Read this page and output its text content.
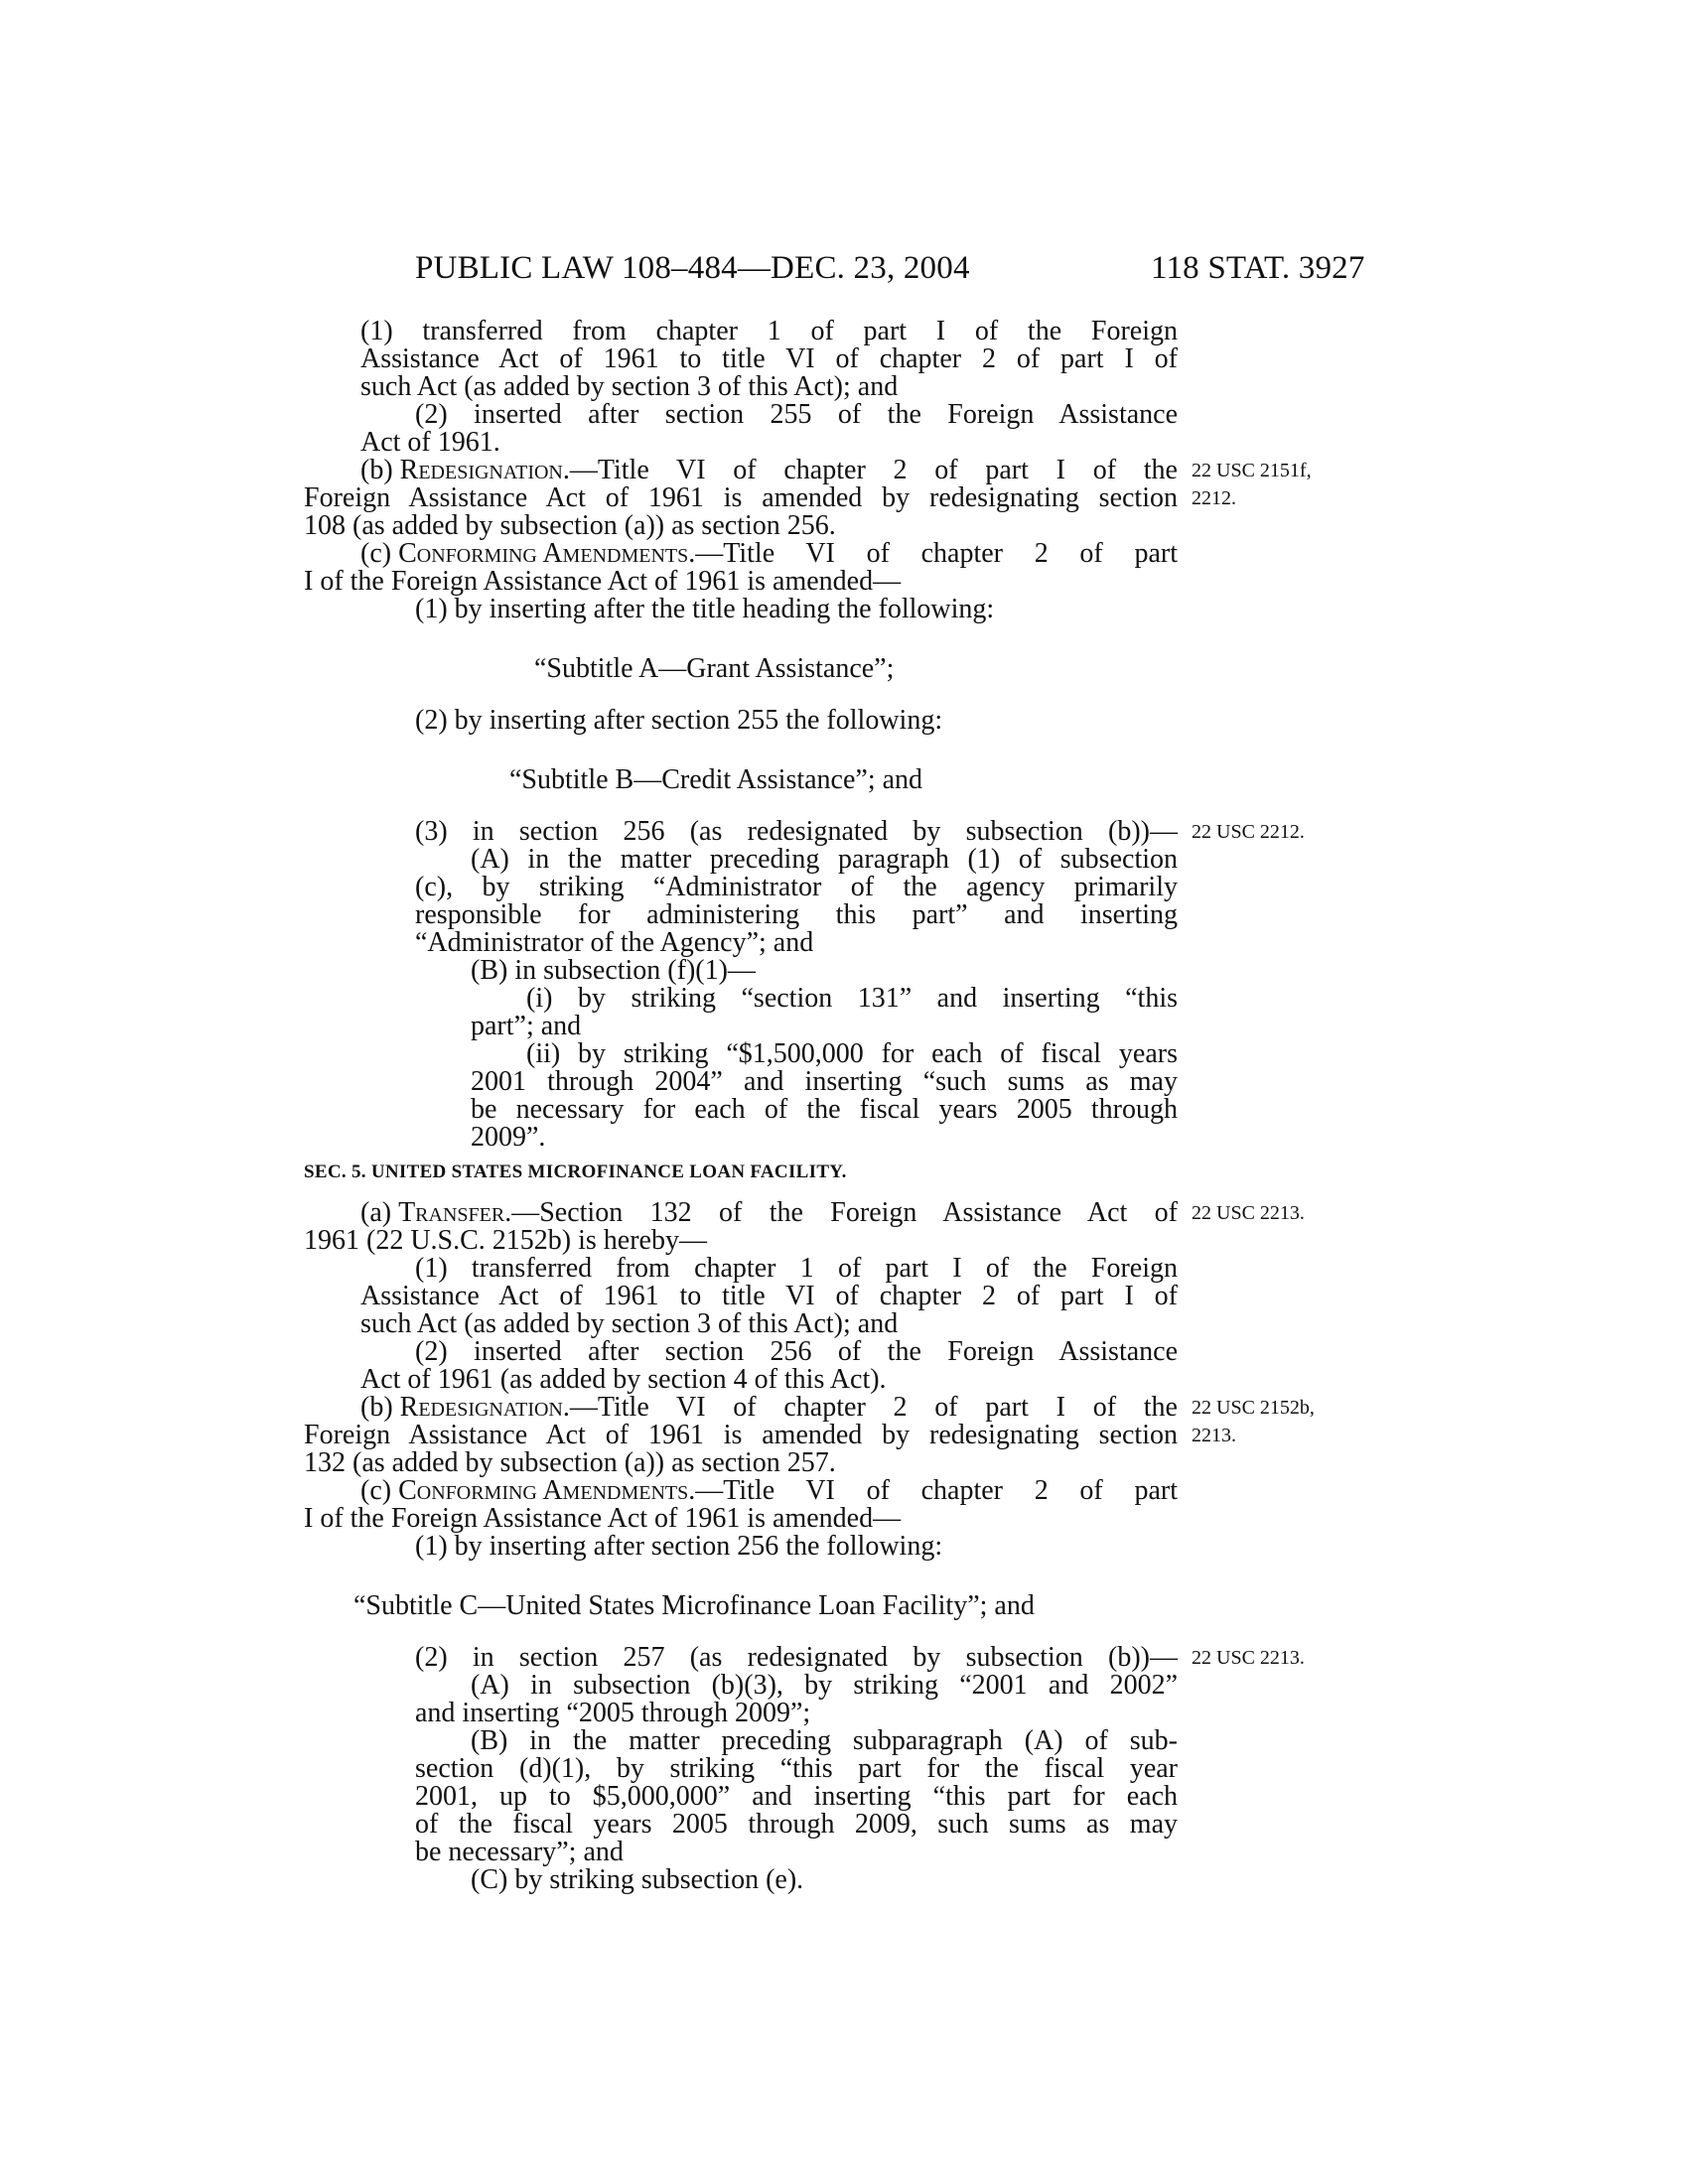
PUBLIC LAW 108–484—DEC. 23, 2004	118 STAT. 3927
(1) transferred from chapter 1 of part I of the Foreign
Assistance Act of 1961 to title VI of chapter 2 of part I of
such Act (as added by section 3 of this Act); and
(2) inserted after section 255 of the Foreign Assistance
Act of 1961.
(b) Redesignation .—Title VI of chapter 2 of part I of the
Foreign Assistance Act of 1961 is amended by redesignating section
108 (as added by subsection (a)) as section 256.
(c) Conforming Amendments .—Title VI of chapter 2 of part
I of the Foreign Assistance Act of 1961 is amended—
(1) by inserting after the title heading the following:
“Subtitle A—Grant Assistance”;
(2) by inserting after section 255 the following:
“Subtitle B—Credit Assistance”; and
(3) in section 256 (as redesignated by subsection (b))—
(A) in the matter preceding paragraph (1) of subsection
(c), by striking “Administrator of the agency primarily
responsible for administering this part” and inserting
“Administrator of the Agency”; and
(B) in subsection (f)(1)—
(i) by striking “section 131” and inserting “this
part”; and
(ii) by striking “$1,500,000 for each of fiscal years
2001 through 2004” and inserting “such sums as may
be necessary for each of the fiscal years 2005 through
2009”.
SEC. 5. UNITED STATES MICROFINANCE LOAN FACILITY.
(a) Transfer .—Section 132 of the Foreign Assistance Act of
1961 (22 U.S.C. 2152b) is hereby—
(1) transferred from chapter 1 of part I of the Foreign
Assistance Act of 1961 to title VI of chapter 2 of part I of
such Act (as added by section 3 of this Act); and
(2) inserted after section 256 of the Foreign Assistance
Act of 1961 (as added by section 4 of this Act).
(b) Redesignation .—Title VI of chapter 2 of part I of the
Foreign Assistance Act of 1961 is amended by redesignating section
132 (as added by subsection (a)) as section 257.
(c) Conforming Amendments .—Title VI of chapter 2 of part
I of the Foreign Assistance Act of 1961 is amended—
(1) by inserting after section 256 the following:
“Subtitle C—United States Microfinance Loan Facility”; and
(2) in section 257 (as redesignated by subsection (b))—
(A) in subsection (b)(3), by striking “2001 and 2002”
and inserting “2005 through 2009”;
(B) in the matter preceding subparagraph (A) of sub-
section (d)(1), by striking “this part for the fiscal year
2001, up to $5,000,000” and inserting “this part for each
of the fiscal years 2005 through 2009, such sums as may
be necessary”; and
(C) by striking subsection (e).
22 USC 2151f,
2212.
22 USC 2212.
22 USC 2213.
22 USC 2152b,
2213.
22 USC 2213.
